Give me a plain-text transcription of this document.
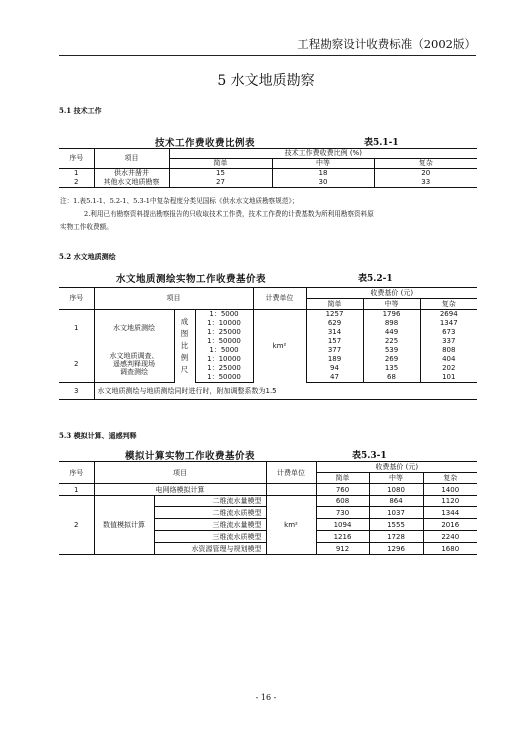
工程勘察设计收费标准（2002版）
5 水文地质勘察
5.1 技术工作
技术工作费收费比例表	表5.1-1
序号	项目	技术工作费收费比例 (%)		
		简单	中等	复杂
1	供水井凿井	15	18	20
2	其他水文地质勘察	27	30	33
注：1.表5.1-1、5.2-1、5.3-1中复杂程度分类见国标《供水水文地质勘察规范》；
2.利用已有勘察资料提出勘察报告的只收取技术工作费，技术工作费的计费基数为所利用勘察资料原
实物工作收费额。
5.2 水文地质测绘
水文地质测绘实物工作收费基价表	表5.2-1
序号	项目			计费单位	收费基价 (元)		
					简单	中等	复杂
1	水文地质测绘	成图比例尺	1：5000	km²	1257	1796	2694
			1：10000		629	898	1347
			1：25000		314	449	673
			1：50000		157	225	337
2	水文地质调查、
遥感判释现场
调查测绘		1：5000		377	539	808
			1：10000		189	269	404
			1：25000		94	135	202
			1：50000		47	68	101
3	水文地质测绘与地质测绘同时进行时，附加调整系数为1.5						
5.3 模拟计算、遥感判释
模拟计算实物工作收费基价表	表5.3-1
序号	项目		计费单位	收费基价 (元)		
				简单	中等	复杂
1	电网络模拟计算			760	1080	1400
2	数值模拟计算	二维流水量模型	km²	608	864	1120
		二维流水质模型		730	1037	1344
		三维流水量模型		1094	1555	2016
		三维流水质模型		1216	1728	2240
		水资源管理与规划模型		912	1296	1680
- 16 -
